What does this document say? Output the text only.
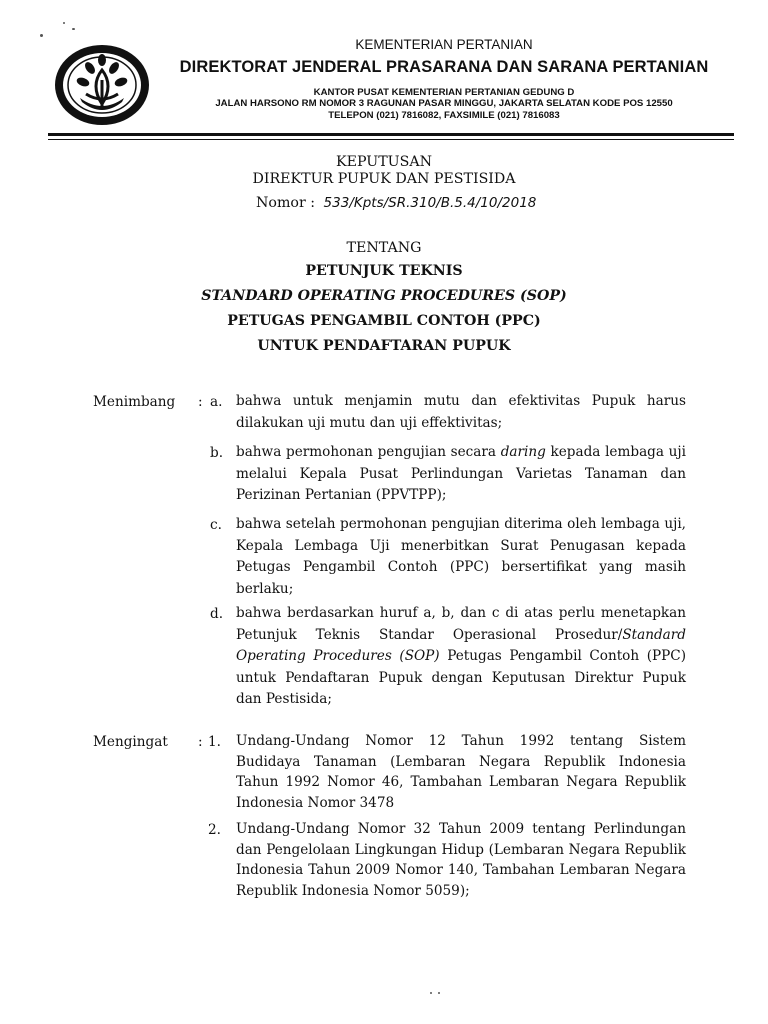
KEMENTERIAN PERTANIAN
DIREKTORAT JENDERAL PRASARANA DAN SARANA PERTANIAN
KANTOR PUSAT KEMENTERIAN PERTANIAN GEDUNG D
JALAN HARSONO RM NOMOR 3 RAGUNAN PASAR MINGGU, JAKARTA SELATAN KODE POS 12550
TELEPON (021) 7816082, FAXSIMILE (021) 7816083
KEPUTUSAN
DIREKTUR PUPUK DAN PESTISIDA
Nomor : 533/Kpts/SR.310/B.5.4/10/2018
TENTANG
PETUNJUK TEKNIS
STANDARD OPERATING PROCEDURES (SOP)
PETUGAS PENGAMBIL CONTOH (PPC)
UNTUK PENDAFTARAN PUPUK
Menimbang : a. bahwa untuk menjamin mutu dan efektivitas Pupuk harus dilakukan uji mutu dan uji effektivitas;
b. bahwa permohonan pengujian secara daring kepada lembaga uji melalui Kepala Pusat Perlindungan Varietas Tanaman dan Perizinan Pertanian (PPVTPP);
c. bahwa setelah permohonan pengujian diterima oleh lembaga uji, Kepala Lembaga Uji menerbitkan Surat Penugasan kepada Petugas Pengambil Contoh (PPC) bersertifikat yang masih berlaku;
d. bahwa berdasarkan huruf a, b, dan c di atas perlu menetapkan Petunjuk Teknis Standar Operasional Prosedur/Standard Operating Procedures (SOP) Petugas Pengambil Contoh (PPC) untuk Pendaftaran Pupuk dengan Keputusan Direktur Pupuk dan Pestisida;
Mengingat : 1. Undang-Undang Nomor 12 Tahun 1992 tentang Sistem Budidaya Tanaman (Lembaran Negara Republik Indonesia Tahun 1992 Nomor 46, Tambahan Lembaran Negara Republik Indonesia Nomor 3478
2. Undang-Undang Nomor 32 Tahun 2009 tentang Perlindungan dan Pengelolaan Lingkungan Hidup (Lembaran Negara Republik Indonesia Tahun 2009 Nomor 140, Tambahan Lembaran Negara Republik Indonesia Nomor 5059);
